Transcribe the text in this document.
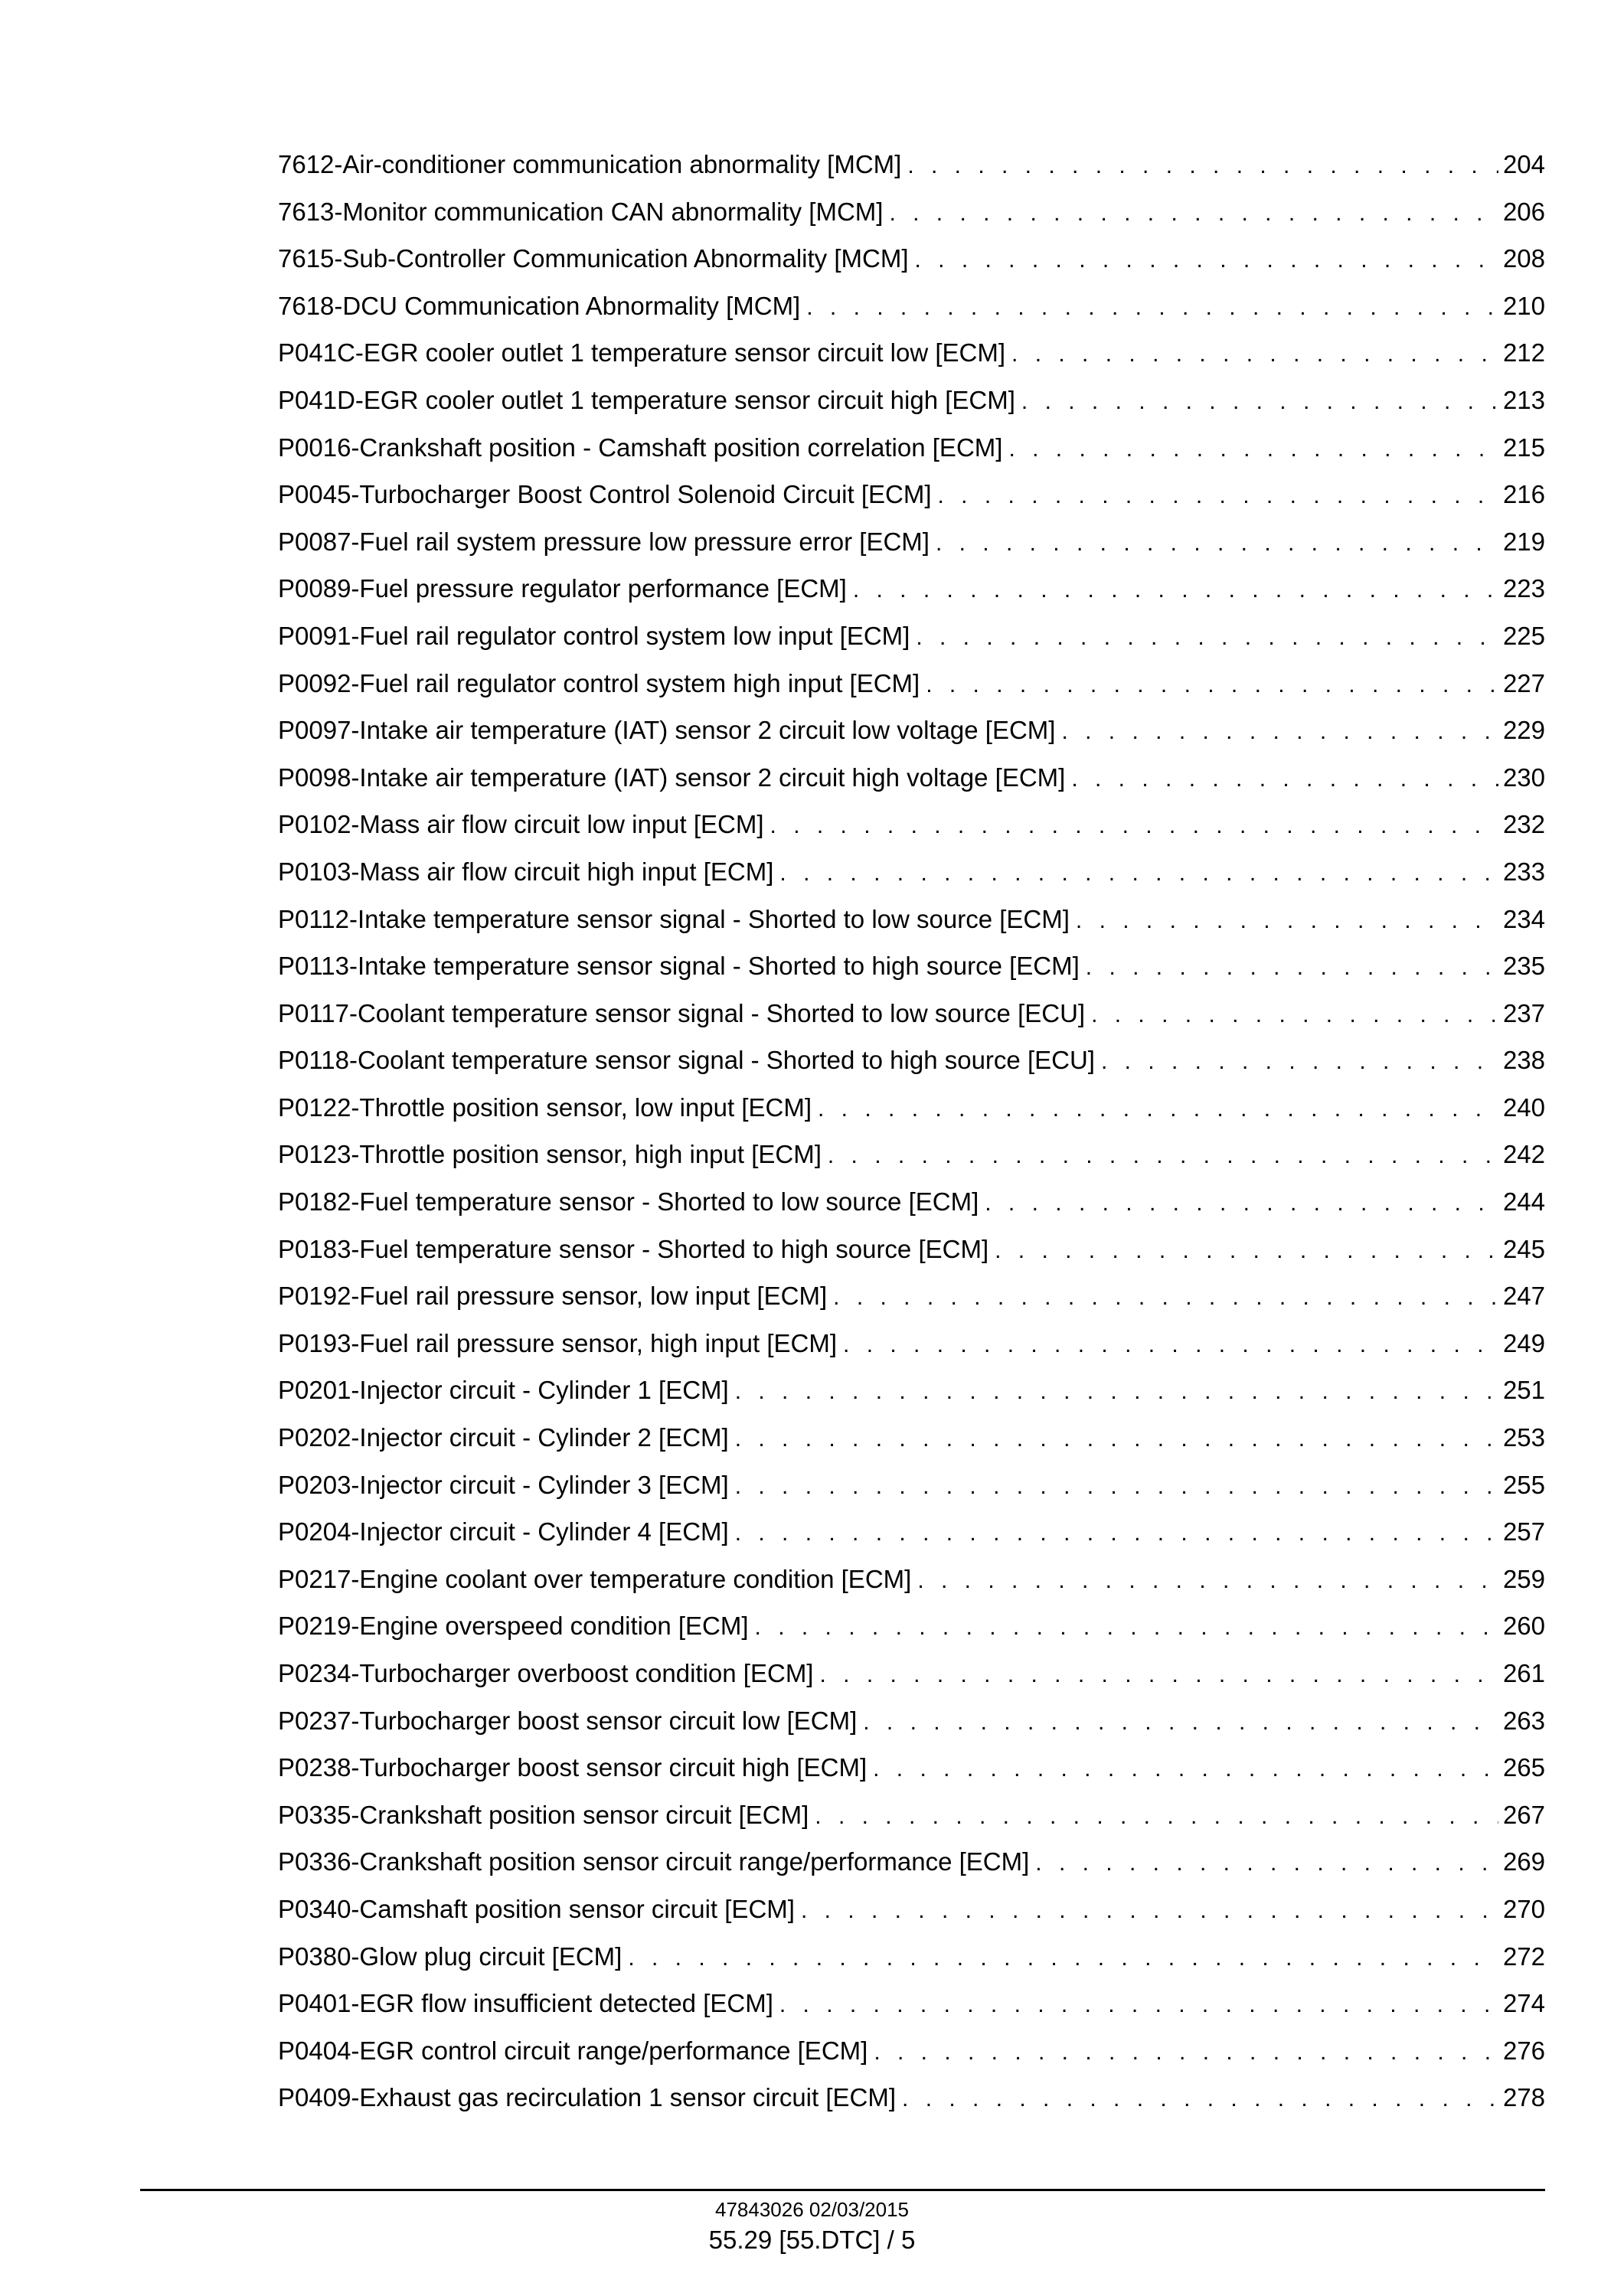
7612-Air-conditioner communication abnormality [MCM] . . .	204
7613-Monitor communication CAN abnormality [MCM] . . .	206
7615-Sub-Controller Communication Abnormality [MCM] . . .	208
7618-DCU Communication Abnormality [MCM] . . .	210
P041C-EGR cooler outlet 1 temperature sensor circuit low [ECM] . . .	212
P041D-EGR cooler outlet 1 temperature sensor circuit high [ECM] . . .	213
P0016-Crankshaft position - Camshaft position correlation [ECM] . . .	215
P0045-Turbocharger Boost Control Solenoid Circuit [ECM] . . .	216
P0087-Fuel rail system pressure low pressure error [ECM] . . .	219
P0089-Fuel pressure regulator performance [ECM] . . .	223
P0091-Fuel rail regulator control system low input [ECM] . . .	225
P0092-Fuel rail regulator control system high input [ECM] . . .	227
P0097-Intake air temperature (IAT) sensor 2 circuit low voltage [ECM] . . .	229
P0098-Intake air temperature (IAT) sensor 2 circuit high voltage [ECM] . . .	230
P0102-Mass air flow circuit low input [ECM] . . .	232
P0103-Mass air flow circuit high input [ECM] . . .	233
P0112-Intake temperature sensor signal - Shorted to low source [ECM] . . .	234
P0113-Intake temperature sensor signal - Shorted to high source [ECM] . . .	235
P0117-Coolant temperature sensor signal - Shorted to low source [ECU] . . .	237
P0118-Coolant temperature sensor signal - Shorted to high source [ECU] . . .	238
P0122-Throttle position sensor, low input [ECM] . . .	240
P0123-Throttle position sensor, high input [ECM] . . .	242
P0182-Fuel temperature sensor - Shorted to low source [ECM] . . .	244
P0183-Fuel temperature sensor - Shorted to high source [ECM] . . .	245
P0192-Fuel rail pressure sensor, low input [ECM] . . .	247
P0193-Fuel rail pressure sensor, high input [ECM] . . .	249
P0201-Injector circuit - Cylinder 1 [ECM] . . .	251
P0202-Injector circuit - Cylinder 2 [ECM] . . .	253
P0203-Injector circuit - Cylinder 3 [ECM] . . .	255
P0204-Injector circuit - Cylinder 4 [ECM] . . .	257
P0217-Engine coolant over temperature condition [ECM] . . .	259
P0219-Engine overspeed condition [ECM] . . .	260
P0234-Turbocharger overboost condition [ECM] . . .	261
P0237-Turbocharger boost sensor circuit low [ECM] . . .	263
P0238-Turbocharger boost sensor circuit high [ECM] . . .	265
P0335-Crankshaft position sensor circuit [ECM] . . .	267
P0336-Crankshaft position sensor circuit range/performance [ECM] . . .	269
P0340-Camshaft position sensor circuit [ECM] . . .	270
P0380-Glow plug circuit [ECM] . . .	272
P0401-EGR flow insufficient detected [ECM] . . .	274
P0404-EGR control circuit range/performance [ECM] . . .	276
P0409-Exhaust gas recirculation 1 sensor circuit [ECM] . . .	278
47843026 02/03/2015
55.29 [55.DTC] / 5
